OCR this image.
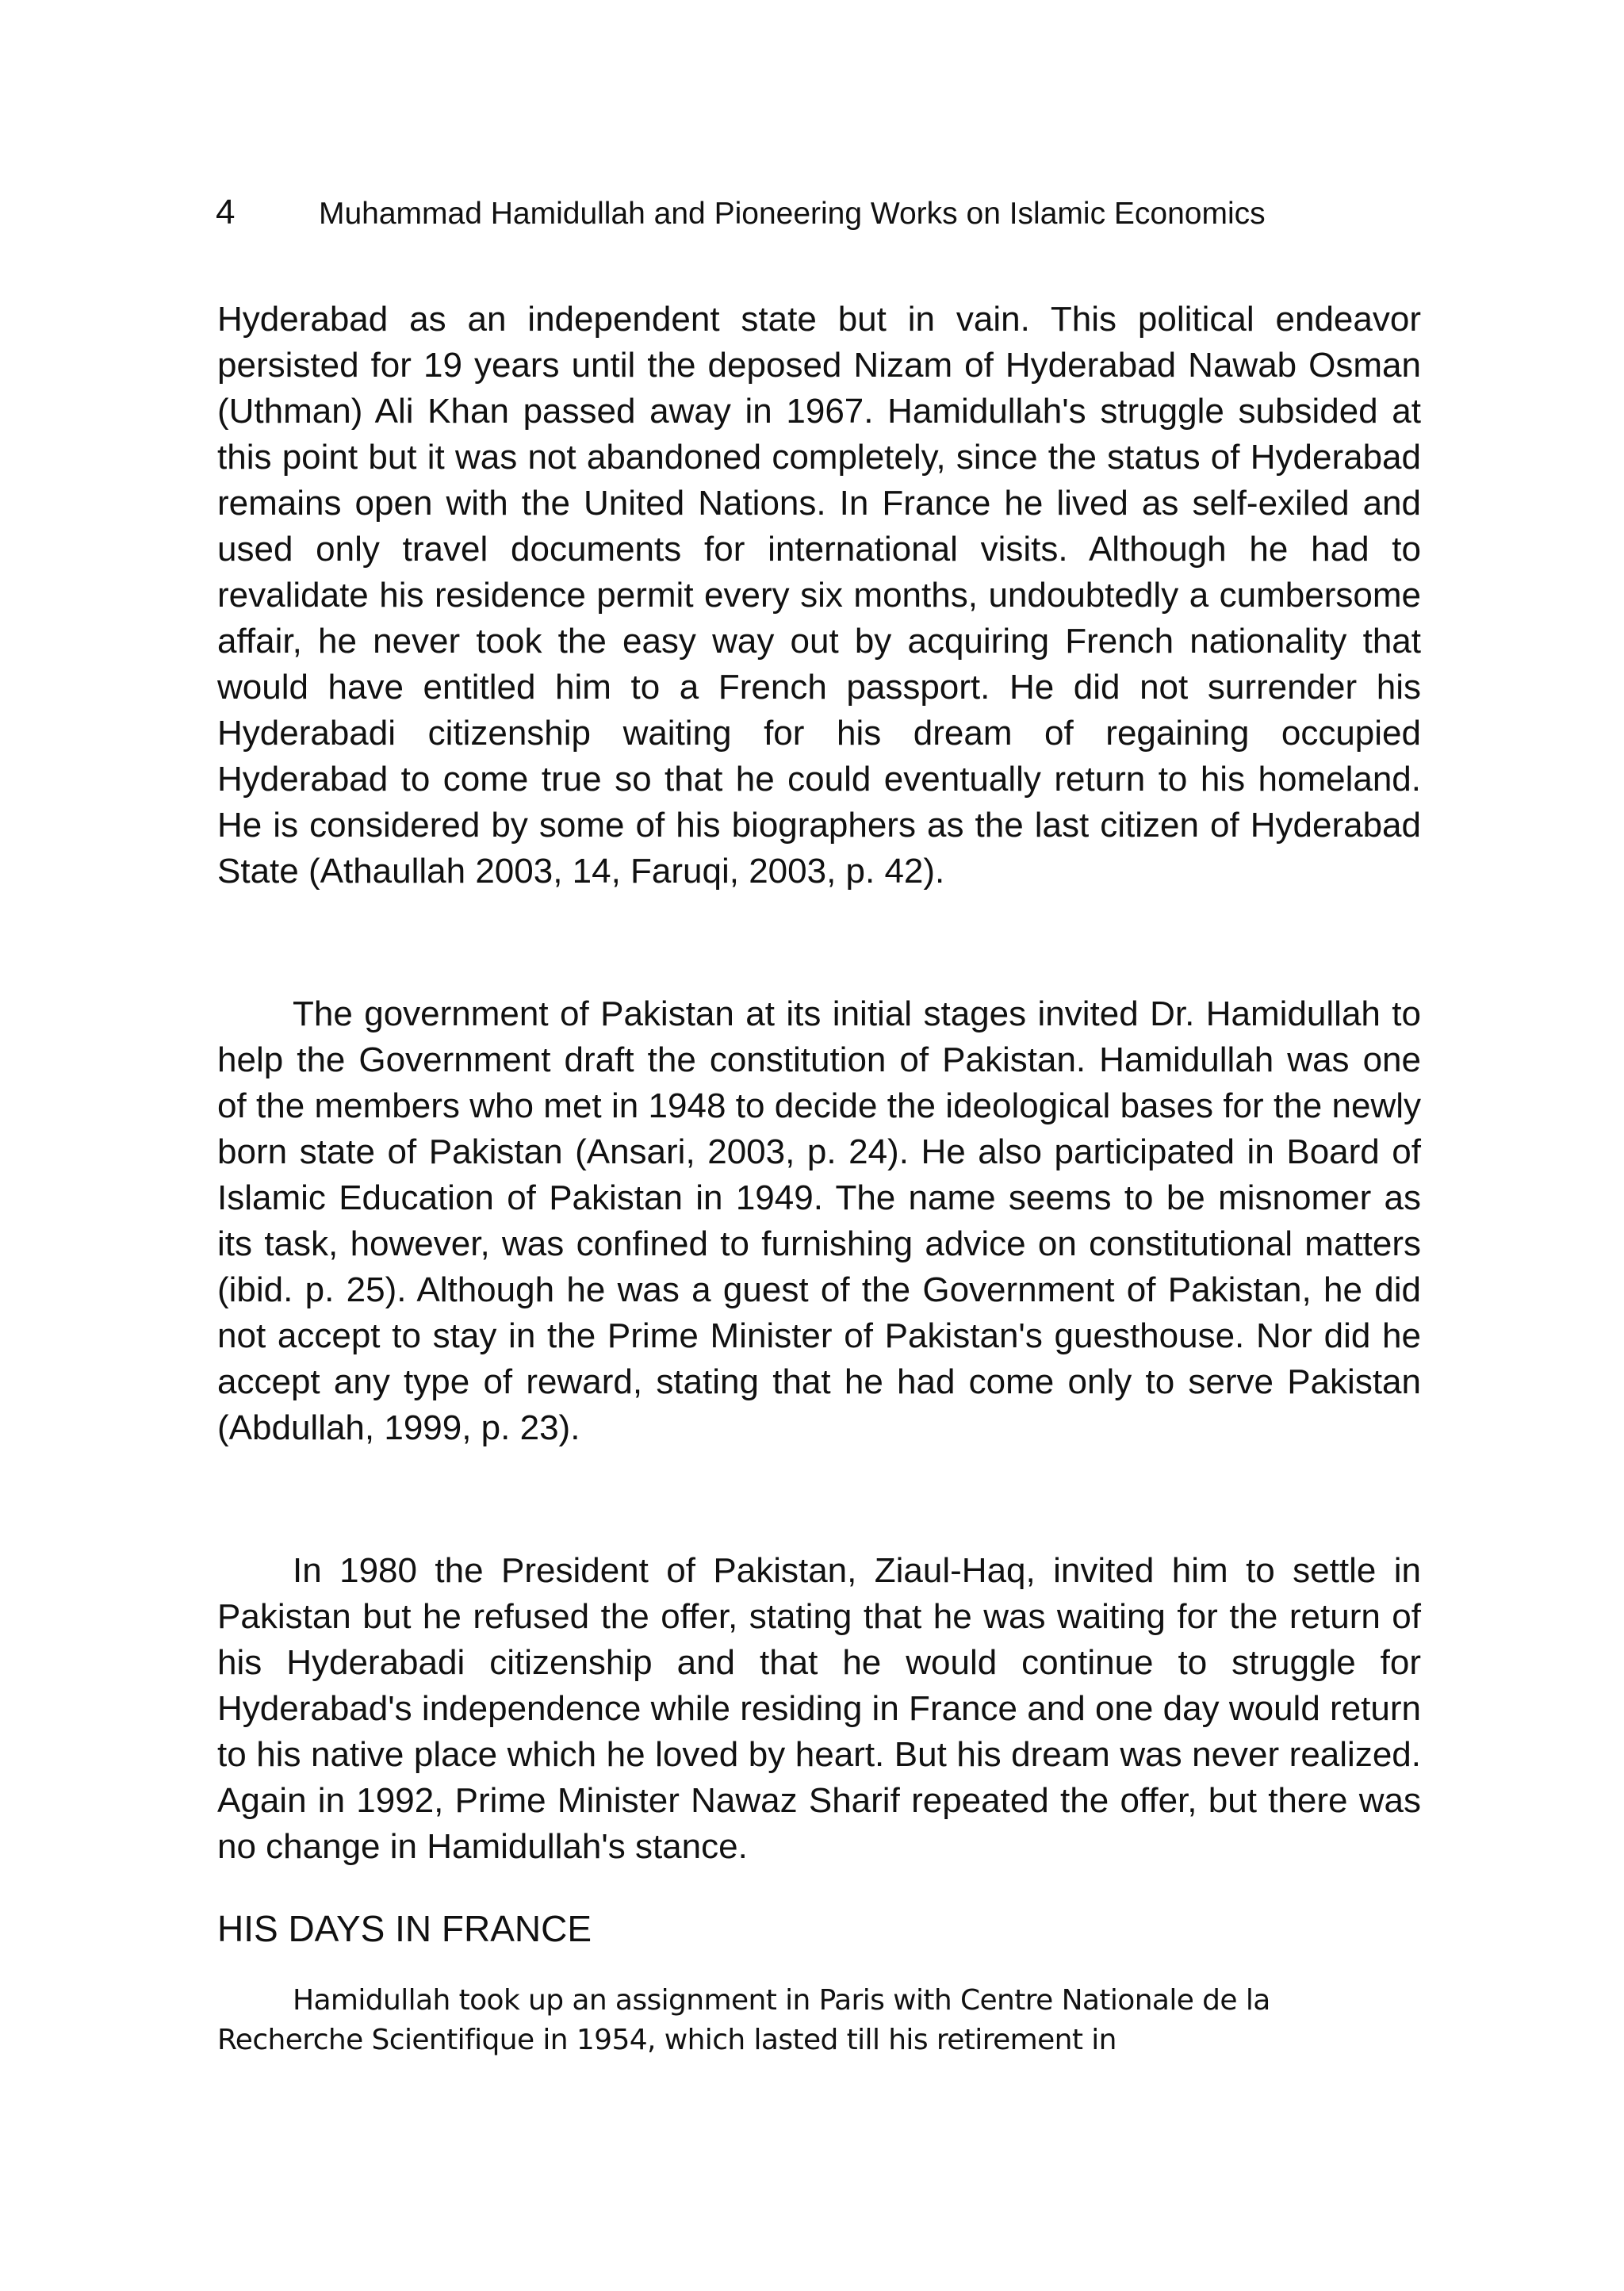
4	Muhammad Hamidullah and Pioneering Works on Islamic Economics

Hyderabad as an independent state but in vain. This political endeavor persisted for 19 years until the deposed Nizam of Hyderabad Nawab Osman (Uthman) Ali Khan passed away in 1967. Hamidullah's struggle subsided at this point but it was not abandoned completely, since the status of Hyderabad remains open with the United Nations. In France he lived as self-exiled and used only travel documents for international visits. Although he had to revalidate his residence permit every six months, undoubtedly a cumbersome affair, he never took the easy way out by acquiring French nationality that would have entitled him to a French passport. He did not surrender his Hyderabadi citizenship waiting for his dream of regaining occupied Hyderabad to come true so that he could eventually return to his homeland. He is considered by some of his biographers as the last citizen of Hyderabad State (Athaullah 2003, 14, Faruqi, 2003, p. 42).

The government of Pakistan at its initial stages invited Dr. Hamidullah to help the Government draft the constitution of Pakistan. Hamidullah was one of the members who met in 1948 to decide the ideological bases for the newly born state of Pakistan (Ansari, 2003, p. 24). He also participated in Board of Islamic Education of Pakistan in 1949. The name seems to be misnomer as its task, however, was confined to furnishing advice on constitutional matters (ibid. p. 25). Although he was a guest of the Government of Pakistan, he did not accept to stay in the Prime Minister of Pakistan's guesthouse. Nor did he accept any type of reward, stating that he had come only to serve Pakistan (Abdullah, 1999, p. 23).

In 1980 the President of Pakistan, Ziaul-Haq, invited him to settle in Pakistan but he refused the offer, stating that he was waiting for the return of his Hyderabadi citizenship and that he would continue to struggle for Hyderabad's independence while residing in France and one day would return to his native place which he loved by heart. But his dream was never realized. Again in 1992, Prime Minister Nawaz Sharif repeated the offer, but there was no change in Hamidullah's stance.

HIS DAYS IN FRANCE

Hamidullah took up an assignment in Paris with Centre Nationale de la Recherche Scientifique in 1954, which lasted till his retirement in
